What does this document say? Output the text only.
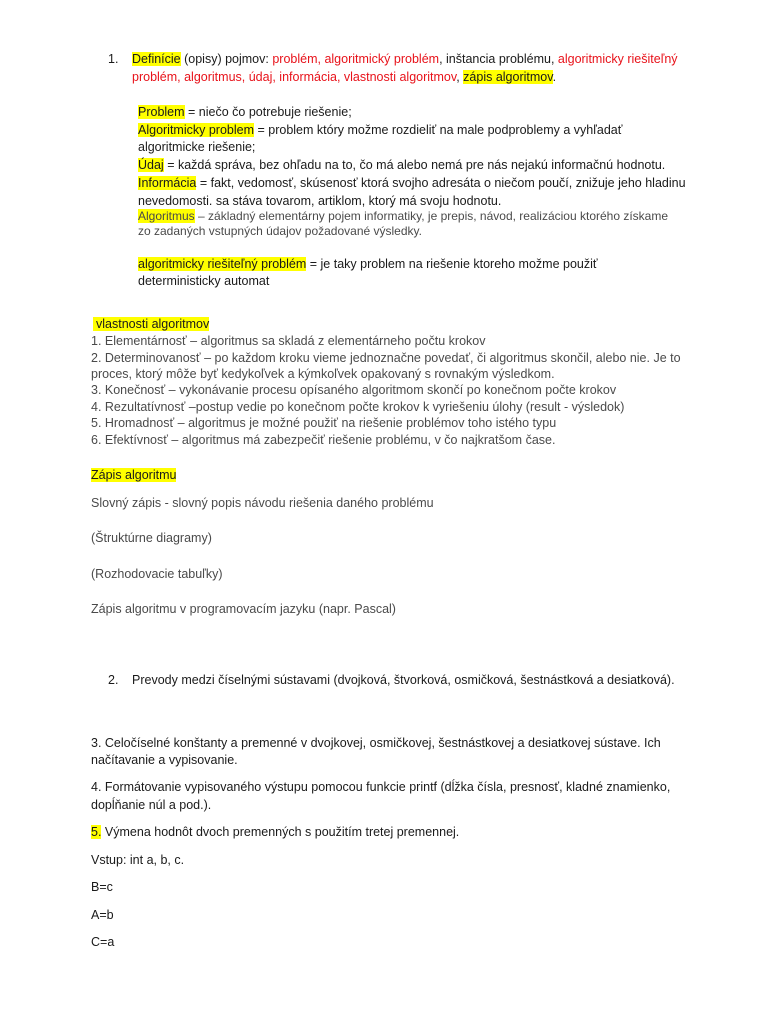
1. Definície (opisy) pojmov: problém, algoritmický problém, inštancia problému, algoritmicky riešiteľný
problém, algoritmus, údaj, informácia, vlastnosti algoritmov, zápis algoritmov.
Problem = niečo čo potrebuje riešenie;
Algoritmicky problem = problem który možme rozdieliť na male podproblemy a vyhľadať
algoritmicke riešenie;
Údaj = každá správa, bez ohľadu na to, čo má alebo nemá pre nás nejakú informačnú hodnotu.
Informácia = fakt, vedomosť, skúsenosť ktorá svojho adresáta o niečom poučí, znižuje jeho hladinu
nevedomosti. sa stáva tovarom, artiklom, ktorý má svoju hodnotu.
Algoritmus – základný elementárny pojem informatiky, je prepis, návod, realizáciou ktorého získame
zo zadaných vstupných údajov požadované výsledky.
algoritmicky riešiteľný problém = je taky problem na riešenie ktoreho možme použiť
deterministicky automat
vlastnosti algoritmov
1. Elementárnosť – algoritmus sa skladá z elementárneho počtu krokov
2. Determinovanosť – po každom kroku vieme jednoznačne povedať, či algoritmus skončil, alebo nie. Je to
proces, ktorý môže byť kedykoľvek a kýmkoľvek opakovaný s rovnakým výsledkom.
3. Konečnosť – vykonávanie procesu opísaného algoritmom skončí po konečnom počte krokov
4. Rezultatívnosť –postup vedie po konečnom počte krokov k vyriešeniu úlohy (result - výsledok)
5. Hromadnosť – algoritmus je možné použiť na riešenie problémov toho istého typu
6. Efektívnosť – algoritmus má zabezpečiť riešenie problému, v čo najkratšom čase.
Zápis algoritmu
Slovný zápis - slovný popis návodu riešenia daného problému
(Štruktúrne diagramy)
(Rozhodovacie tabuľky)
Zápis algoritmu v programovacím jazyku (napr. Pascal)
2. Prevody medzi číselnými sústavami (dvojková, štvorková, osmičková, šestnástková a desiatková).
3. Celočíselné konštanty a premenné v dvojkovej, osmičkovej, šestnástkovej a desiatkovej sústave. Ich
načítavanie a vypisovanie.
4. Formátovanie vypisovaného výstupu pomocou funkcie printf (dĺžka čísla, presnosť, kladné znamienko,
dopĺňanie núl a pod.).
5. Výmena hodnôt dvoch premenných s použitím tretej premennej.
Vstup: int a, b, c.
B=c
A=b
C=a
